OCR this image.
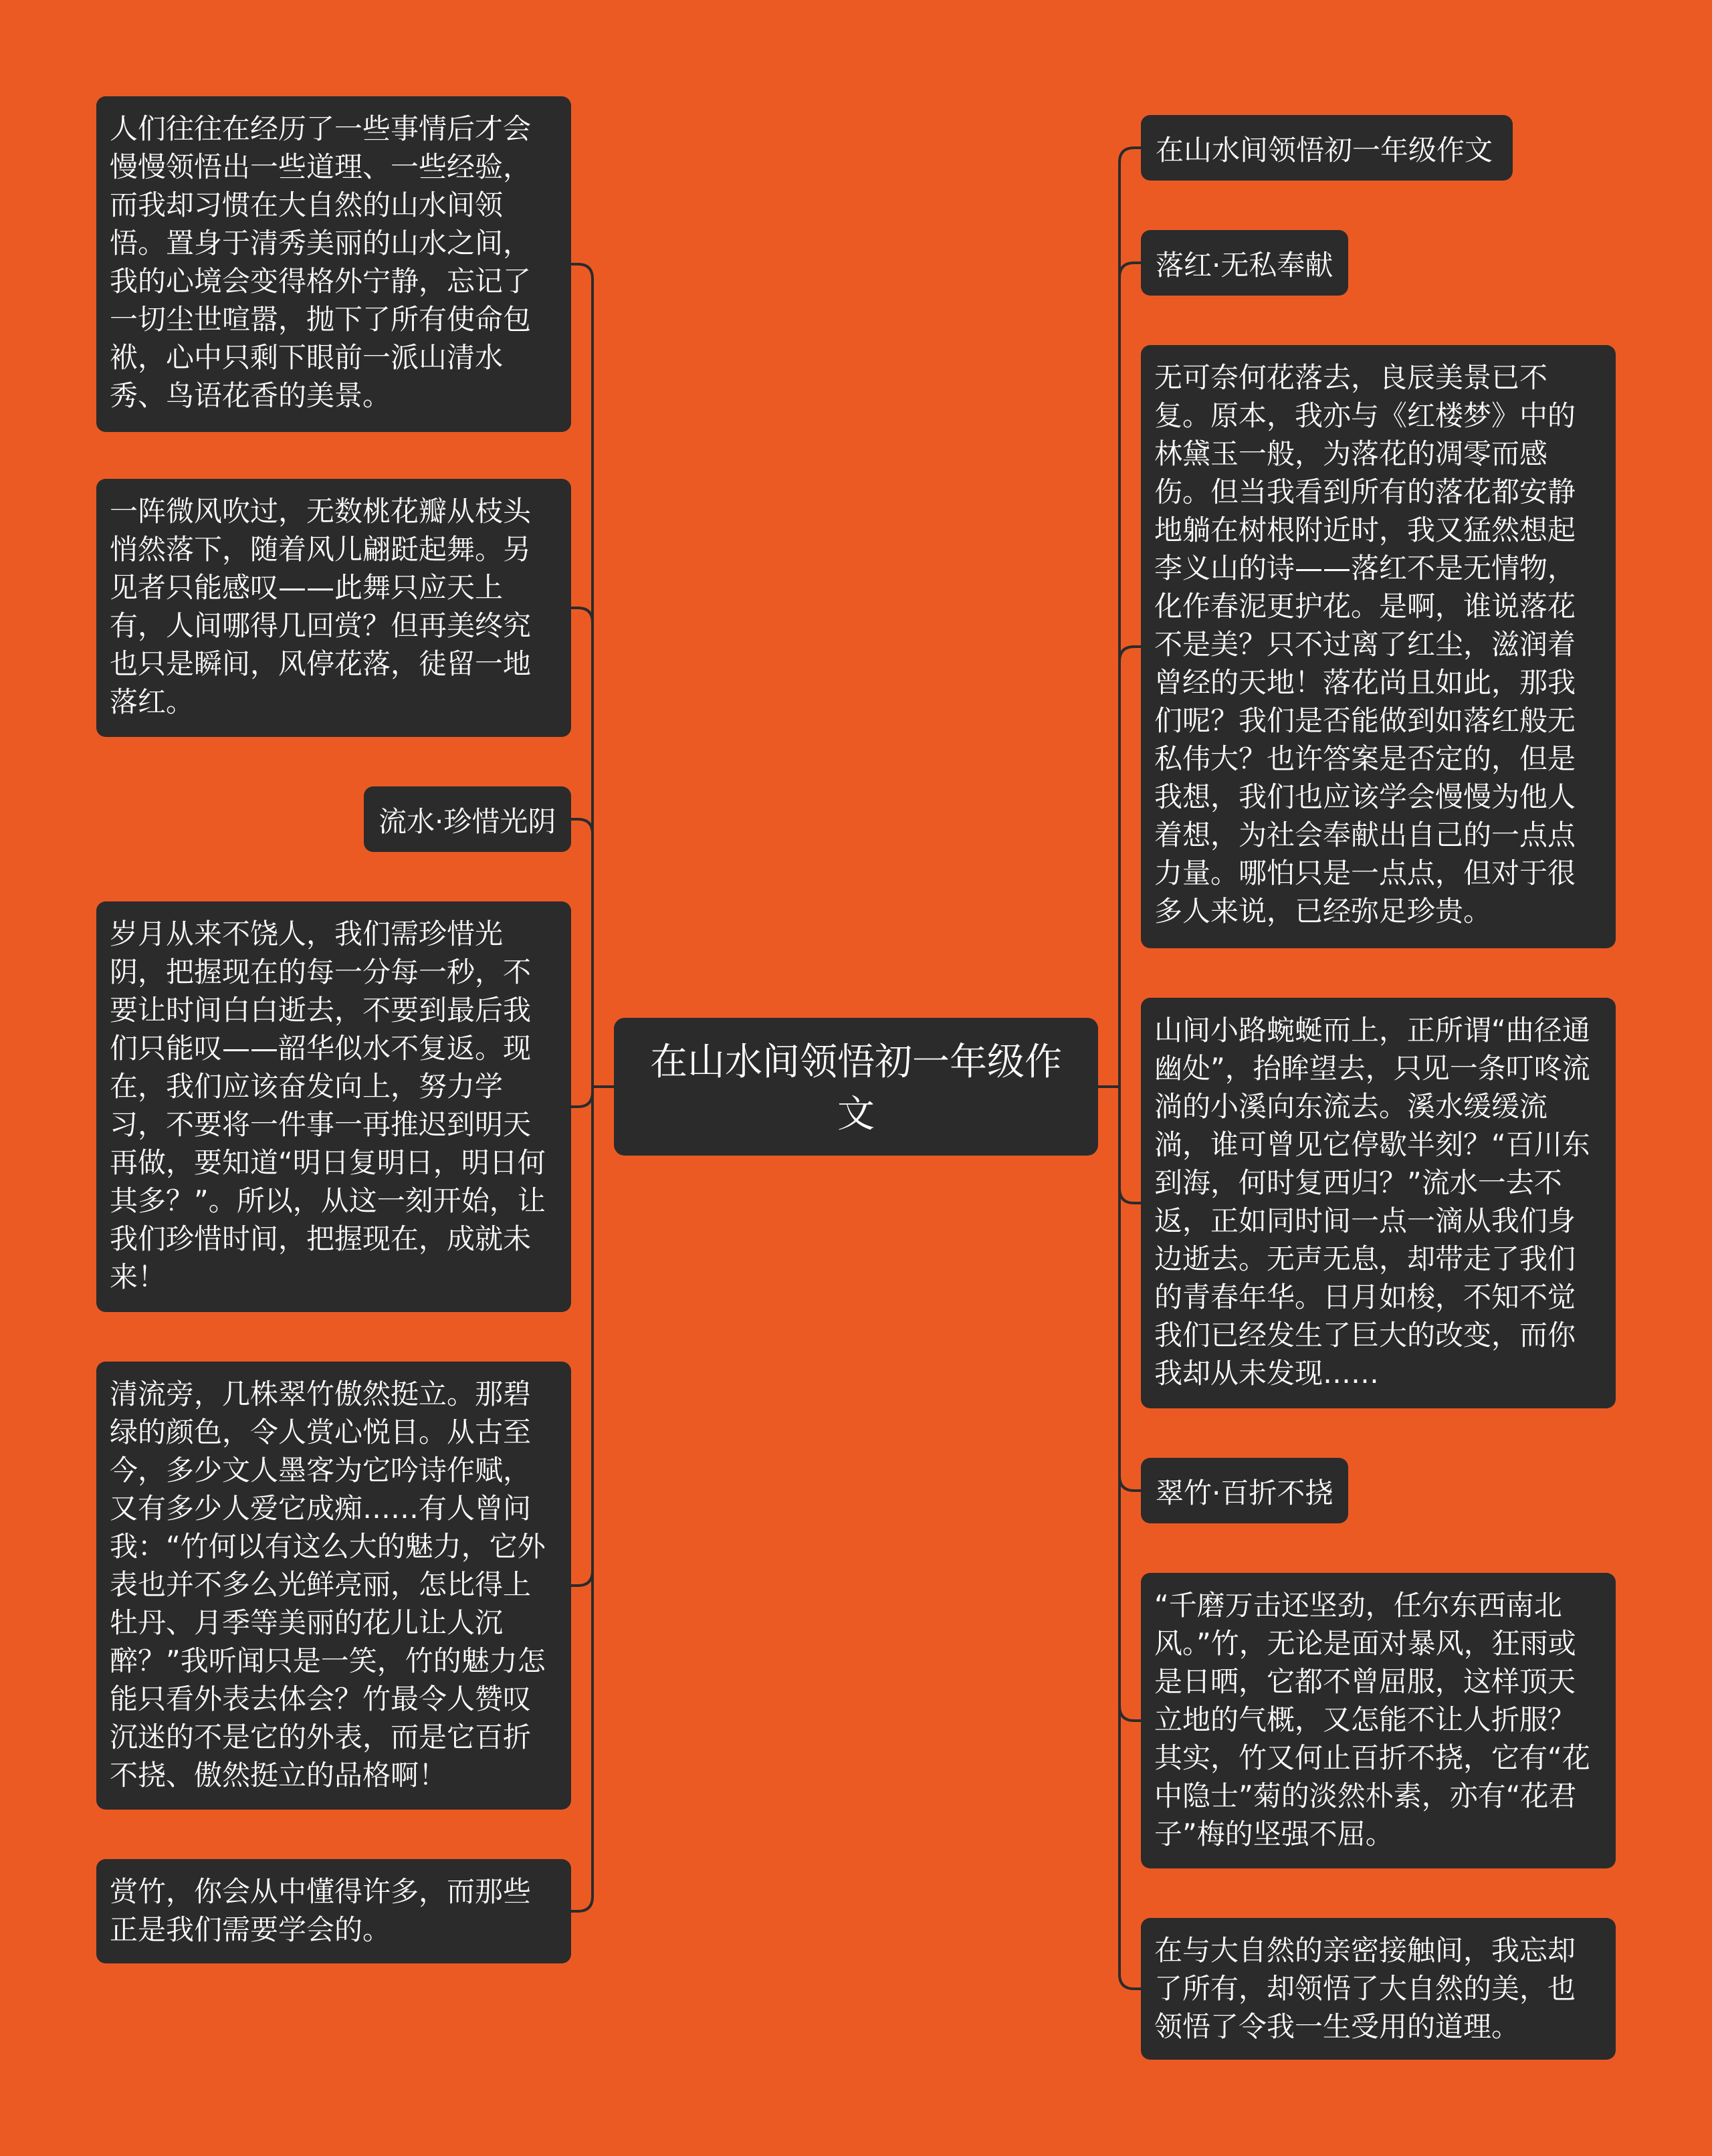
在山水间领悟初一年级作文
人们往往在经历了一些事情后才会慢慢领悟出一些道理、一些经验，而我却习惯在大自然的山水间领悟。置身于清秀美丽的山水之间，我的心境会变得格外宁静，忘记了一切尘世喧嚣，抛下了所有使命包袱，心中只剩下眼前一派山清水秀、鸟语花香的美景。
一阵微风吹过，无数桃花瓣从枝头悄然落下，随着风儿翩跹起舞。另见者只能感叹——此舞只应天上有，人间哪得几回赏？但再美终究也只是瞬间，风停花落，徒留一地落红。
流水·珍惜光阴
岁月从来不饶人，我们需珍惜光阴，把握现在的每一分每一秒，不要让时间白白逝去，不要到最后我们只能叹——韶华似水不复返。现在，我们应该奋发向上，努力学习，不要将一件事一再推迟到明天再做，要知道“明日复明日，明日何其多？”。所以，从这一刻开始，让我们珍惜时间，把握现在，成就未来！
清流旁，几株翠竹傲然挺立。那碧绿的颜色，令人赏心悦目。从古至今，多少文人墨客为它吟诗作赋，又有多少人爱它成痴……有人曾问我：“竹何以有这么大的魅力，它外表也并不多么光鲜亮丽，怎比得上牡丹、月季等美丽的花儿让人沉醉？”我听闻只是一笑，竹的魅力怎能只看外表去体会？竹最令人赞叹沉迷的不是它的外表，而是它百折不挠、傲然挺立的品格啊！
赏竹，你会从中懂得许多，而那些正是我们需要学会的。
在山水间领悟初一年级作文
落红·无私奉献
无可奈何花落去，良辰美景已不复。原本，我亦与《红楼梦》中的林黛玉一般，为落花的凋零而感伤。但当我看到所有的落花都安静地躺在树根附近时，我又猛然想起李义山的诗——落红不是无情物，化作春泥更护花。是啊，谁说落花不是美？只不过离了红尘，滋润着曾经的天地！落花尚且如此，那我们呢？我们是否能做到如落红般无私伟大？也许答案是否定的，但是我想，我们也应该学会慢慢为他人着想，为社会奉献出自己的一点点力量。哪怕只是一点点，但对于很多人来说，已经弥足珍贵。
山间小路蜿蜒而上，正所谓“曲径通幽处”，抬眸望去，只见一条叮咚流淌的小溪向东流去。溪水缓缓流淌，谁可曾见它停歇半刻？“百川东到海，何时复西归？”流水一去不返，正如同时间一点一滴从我们身边逝去。无声无息，却带走了我们的青春年华。日月如梭，不知不觉我们已经发生了巨大的改变，而你我却从未发现……
翠竹·百折不挠
“千磨万击还坚劲，任尔东西南北风。”竹，无论是面对暴风，狂雨或是日晒，它都不曾屈服，这样顶天立地的气概，又怎能不让人折服？其实，竹又何止百折不挠，它有“花中隐士”菊的淡然朴素，亦有“花君子”梅的坚强不屈。
在与大自然的亲密接触间，我忘却了所有，却领悟了大自然的美，也领悟了令我一生受用的道理。
